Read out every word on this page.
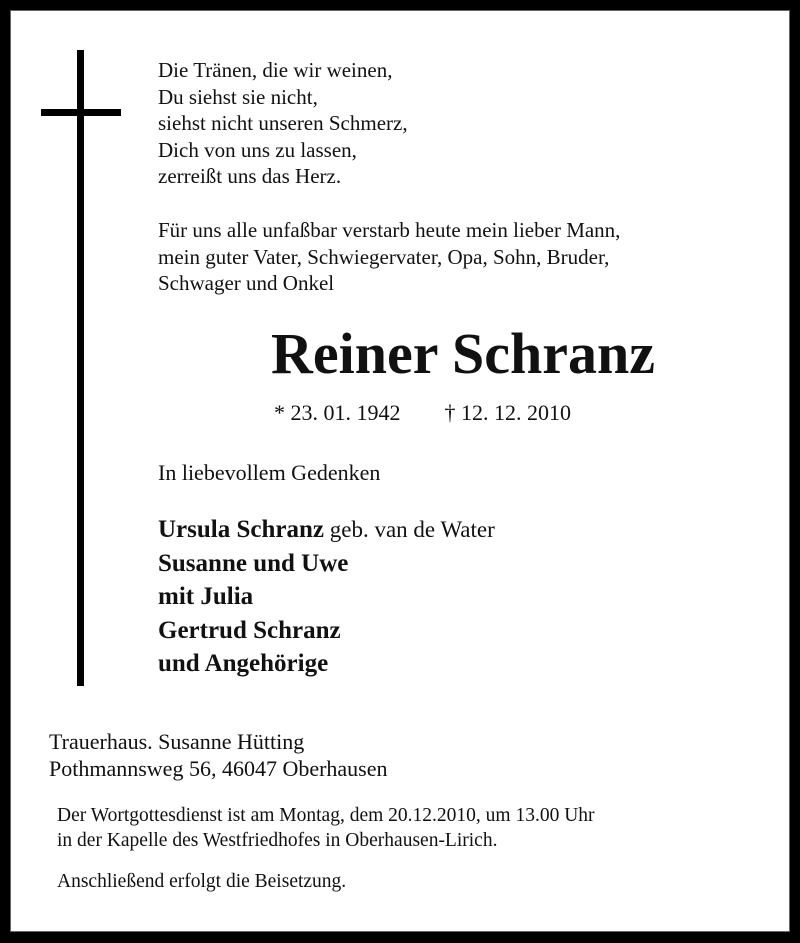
Die Tränen, die wir weinen,
Du siehst sie nicht,
siehst nicht unseren Schmerz,
Dich von uns zu lassen,
zerreißt uns das Herz.
Für uns alle unfaßbar verstarb heute mein lieber Mann,
mein guter Vater, Schwiegervater, Opa, Sohn, Bruder,
Schwager und Onkel
Reiner Schranz
* 23. 01. 1942 † 12. 12. 2010
In liebevollem Gedenken
Ursula Schranz geb. van de Water
Susanne und Uwe
mit Julia
Gertrud Schranz
und Angehörige
Trauerhaus. Susanne Hütting
Pothmannsweg 56, 46047 Oberhausen
Der Wortgottesdienst ist am Montag, dem 20.12.2010, um 13.00 Uhr
in der Kapelle des Westfriedhofes in Oberhausen-Lirich.
Anschließend erfolgt die Beisetzung.
